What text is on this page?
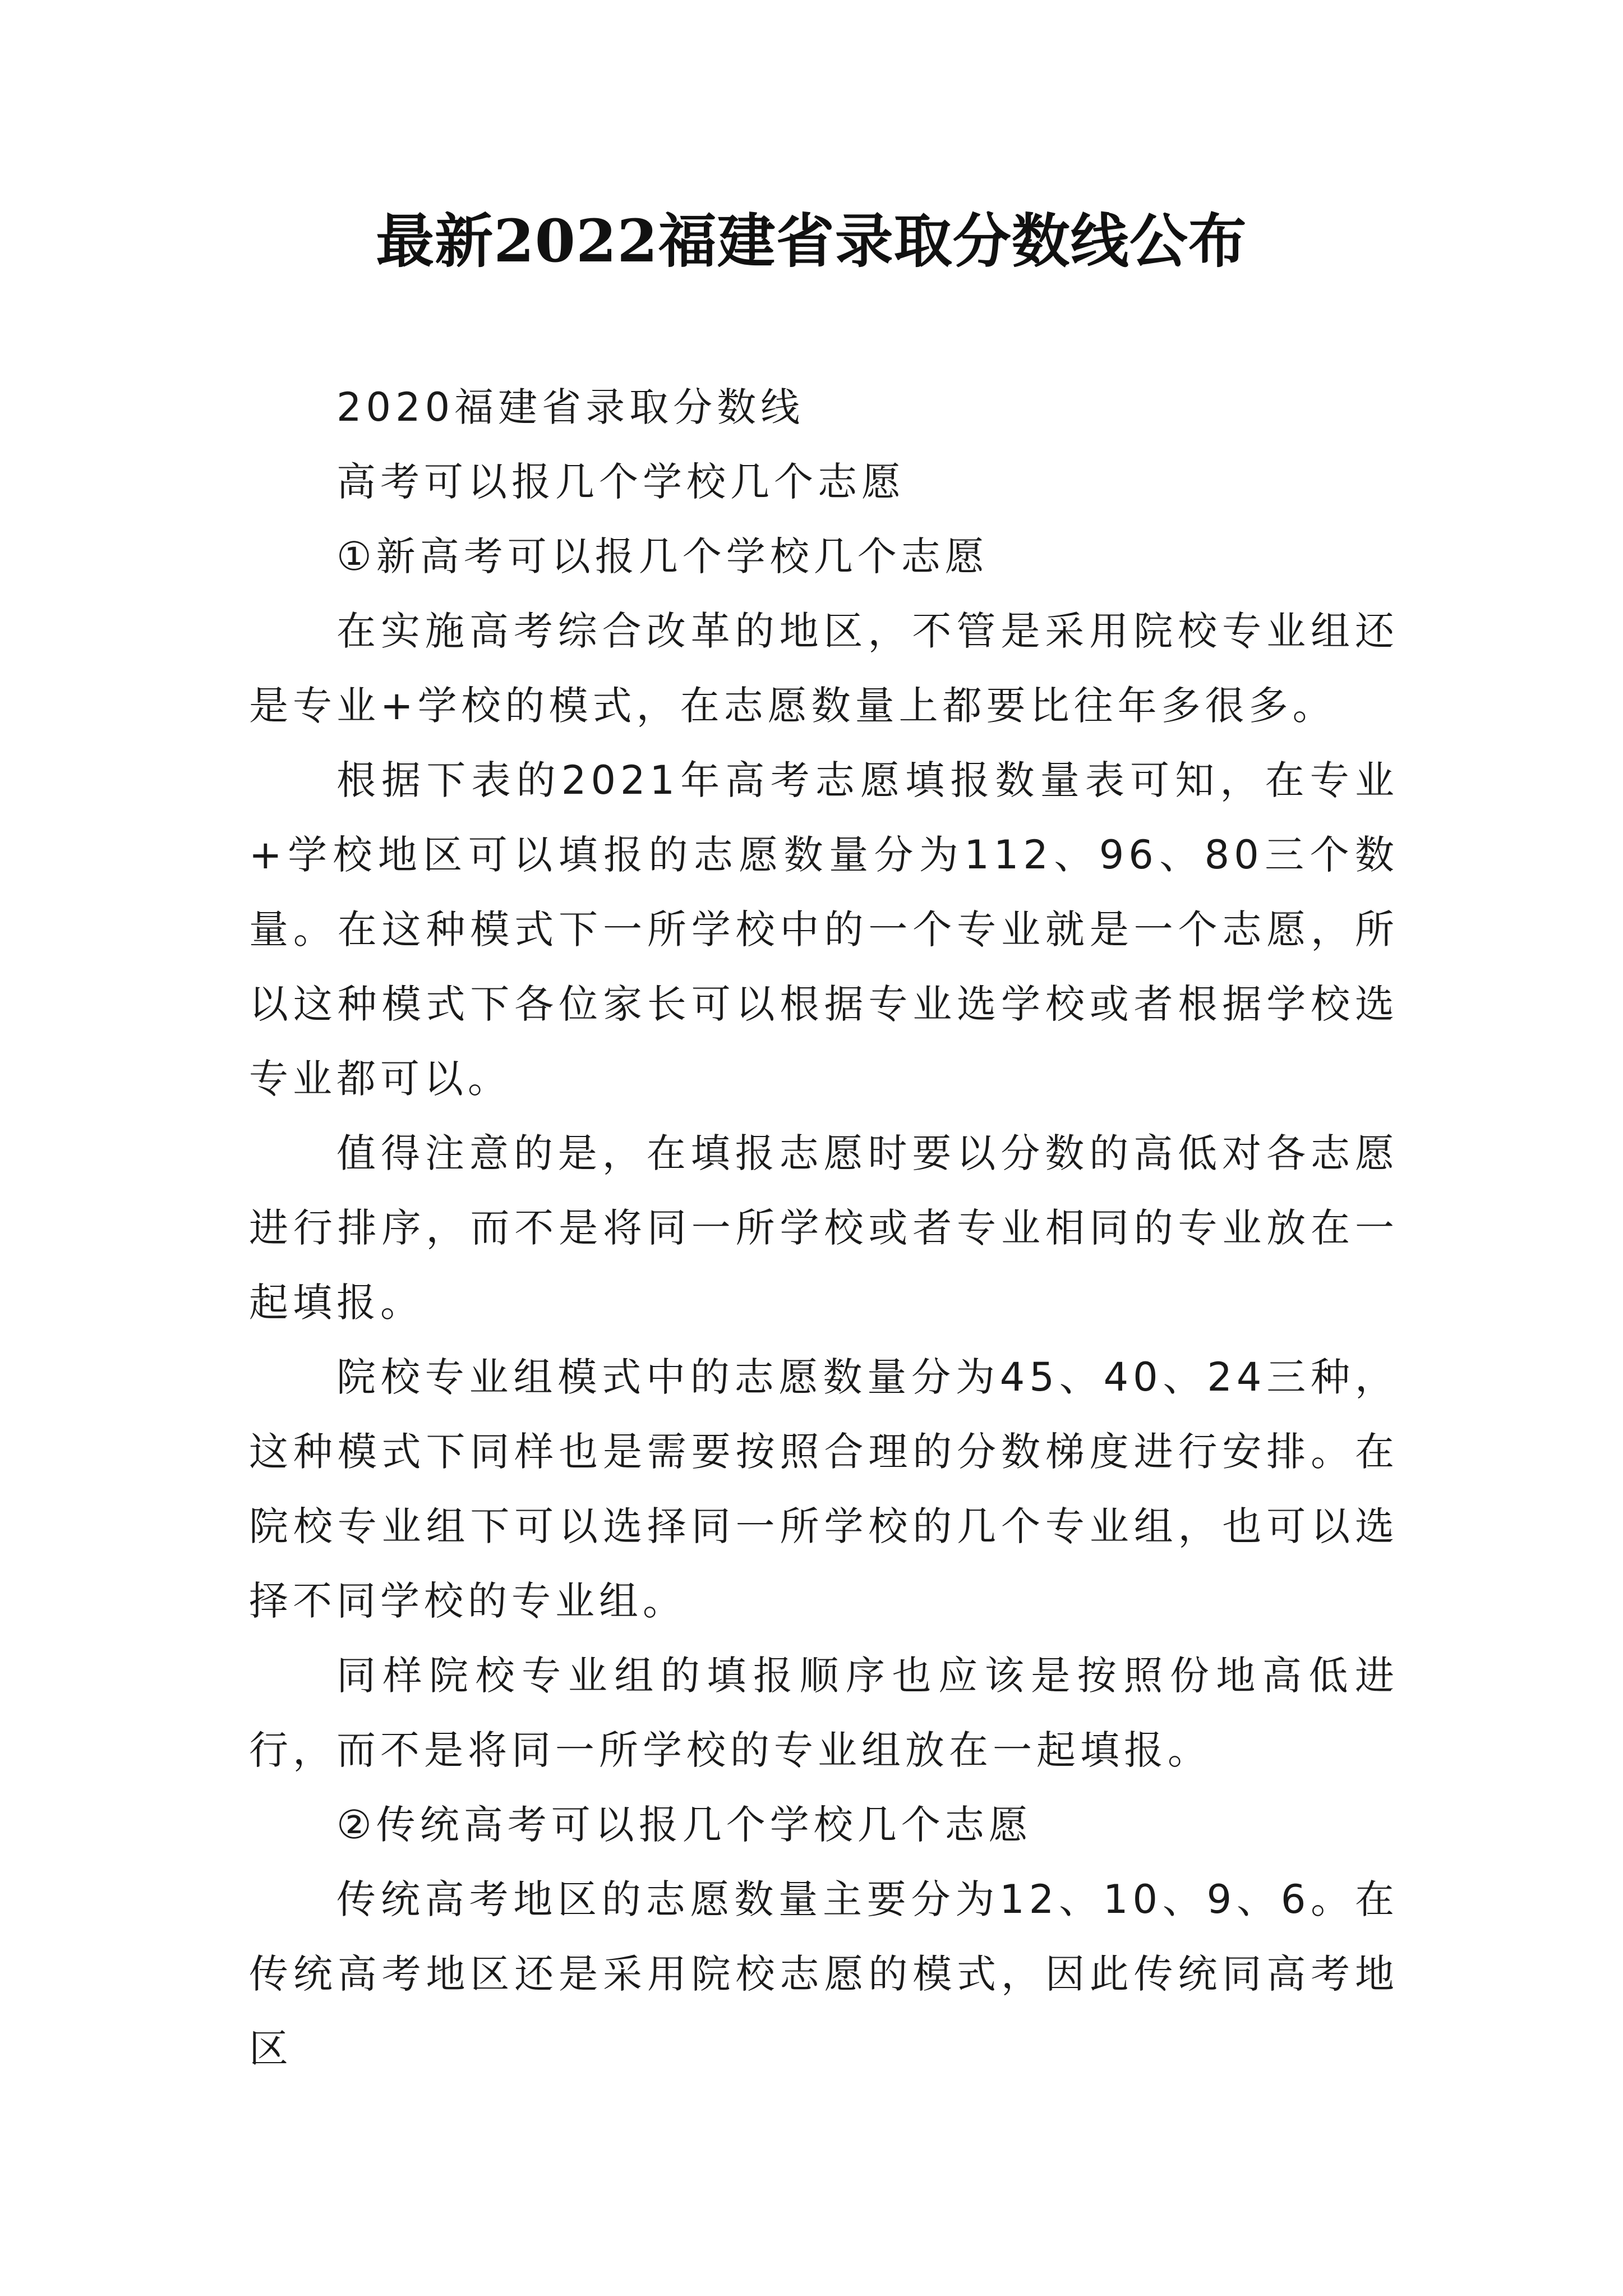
最新2022福建省录取分数线公布

2020福建省录取分数线

高考可以报几个学校几个志愿

①新高考可以报几个学校几个志愿

在实施高考综合改革的地区，不管是采用院校专业组还是专业+学校的模式，在志愿数量上都要比往年多很多。

根据下表的2021年高考志愿填报数量表可知，在专业+学校地区可以填报的志愿数量分为112、96、80三个数量。在这种模式下一所学校中的一个专业就是一个志愿，所以这种模式下各位家长可以根据专业选学校或者根据学校选专业都可以。

值得注意的是，在填报志愿时要以分数的高低对各志愿进行排序，而不是将同一所学校或者专业相同的专业放在一起填报。

院校专业组模式中的志愿数量分为45、40、24三种，这种模式下同样也是需要按照合理的分数梯度进行安排。在院校专业组下可以选择同一所学校的几个专业组，也可以选择不同学校的专业组。

同样院校专业组的填报顺序也应该是按照份地高低进行，而不是将同一所学校的专业组放在一起填报。

②传统高考可以报几个学校几个志愿

传统高考地区的志愿数量主要分为12、10、9、6。在传统高考地区还是采用院校志愿的模式，因此传统同高考地区
